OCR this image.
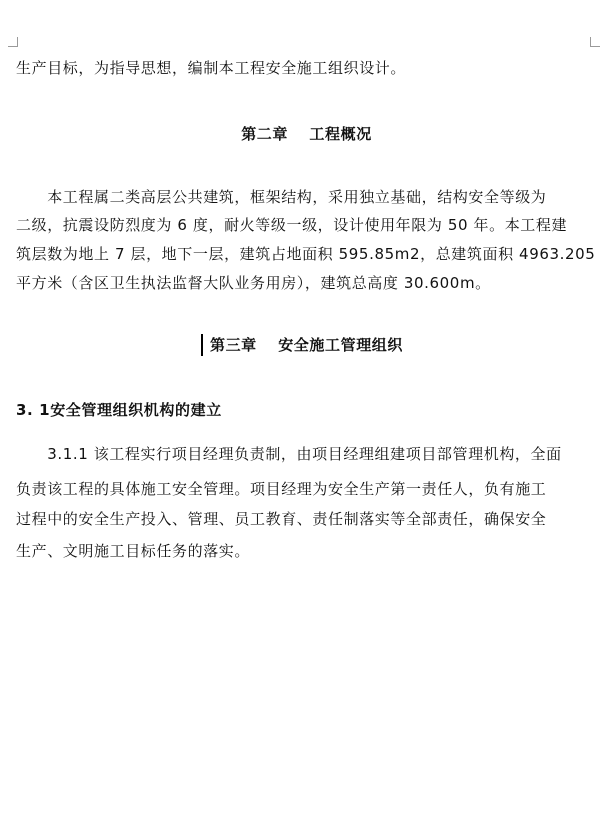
生产目标，为指导思想，编制本工程安全施工组织设计。
第二章　 工程概况
　　本工程属二类高层公共建筑，框架结构，采用独立基础，结构安全等级为
二级，抗震设防烈度为 6 度，耐火等级一级，设计使用年限为 50 年。本工程建
筑层数为地上 7 层，地下一层，建筑占地面积 595.85m2，总建筑面积 4963.205
平方米（含区卫生执法监督大队业务用房），建筑总高度 30.600m。
第三章　 安全施工管理组织
3. 1安全管理组织机构的建立
　　3.1.1 该工程实行项目经理负责制，由项目经理组建项目部管理机构，全面
负责该工程的具体施工安全管理。项目经理为安全生产第一责任人，负有施工
过程中的安全生产投入、管理、员工教育、责任制落实等全部责任，确保安全
生产、文明施工目标任务的落实。
